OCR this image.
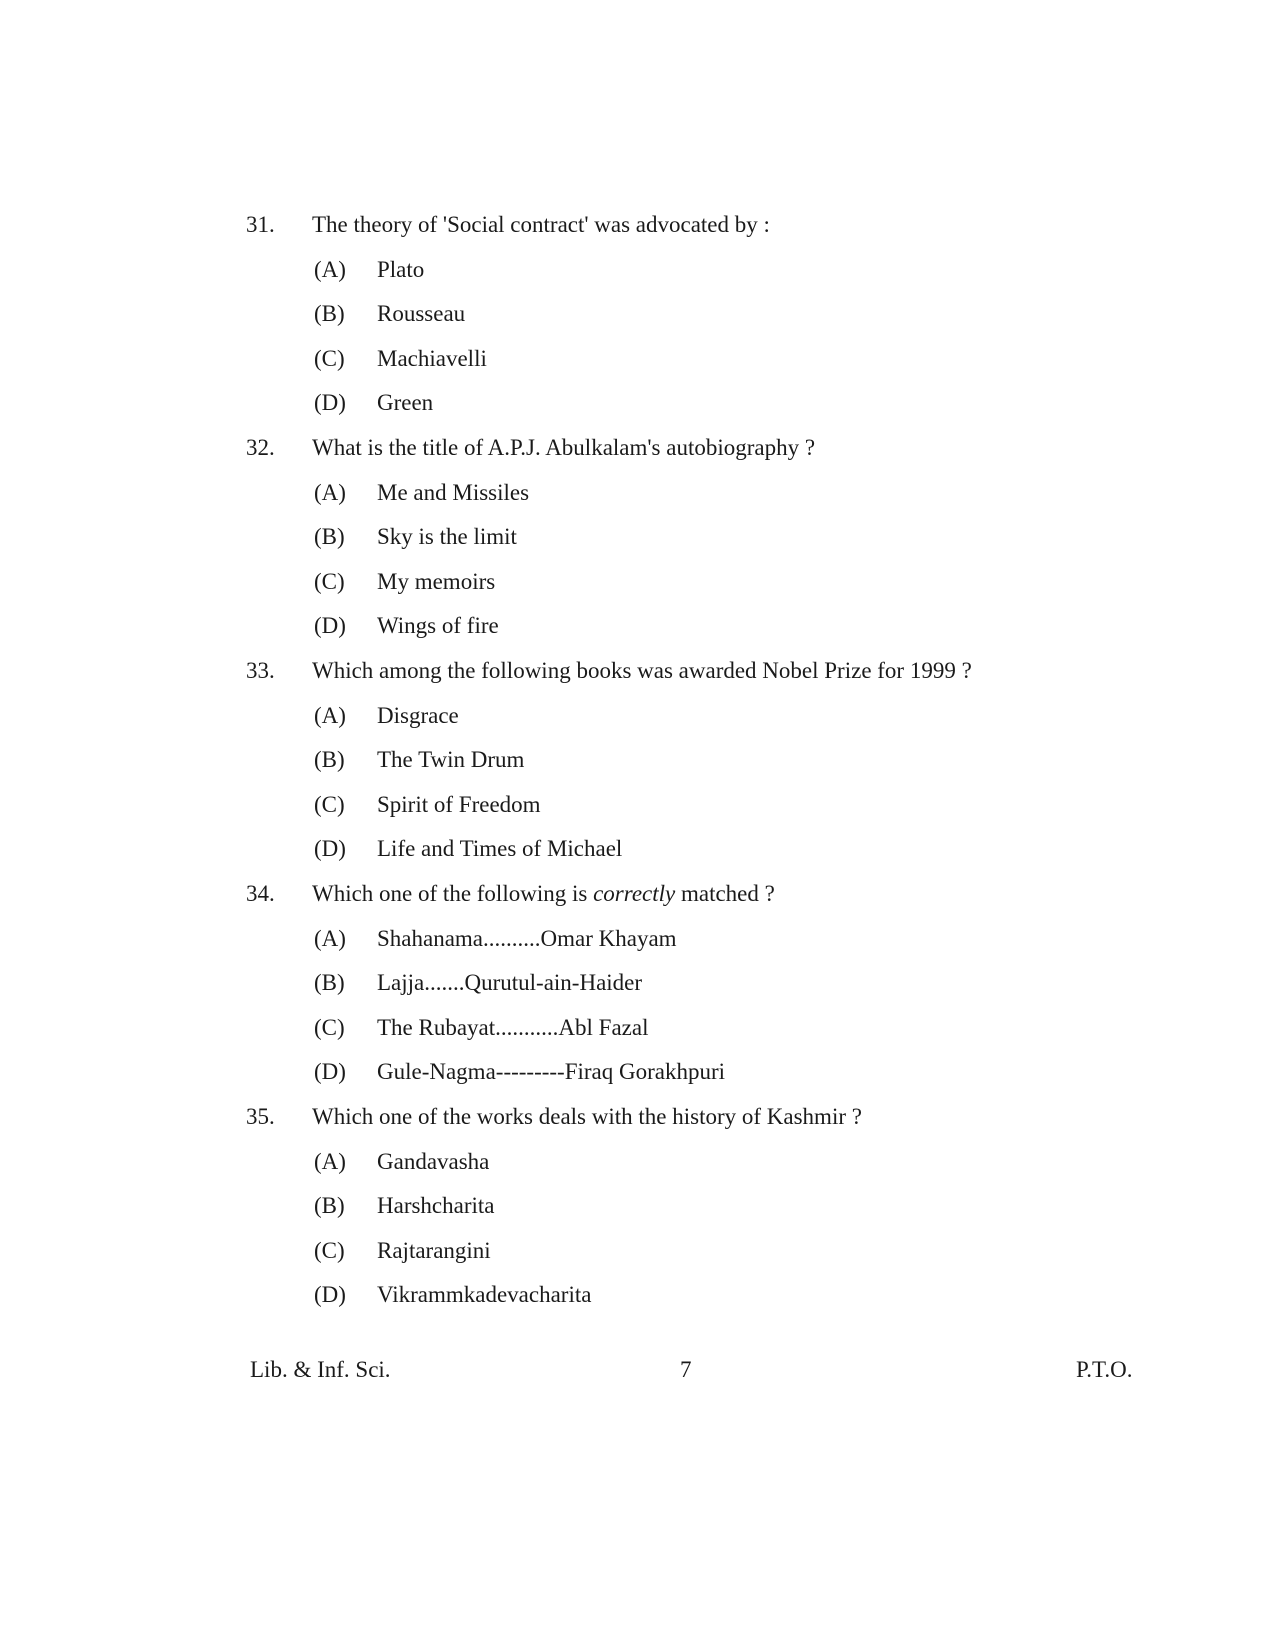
31. The theory of 'Social contract' was advocated by :
(A) Plato
(B) Rousseau
(C) Machiavelli
(D) Green
32. What is the title of A.P.J. Abulkalam's autobiography ?
(A) Me and Missiles
(B) Sky is the limit
(C) My memoirs
(D) Wings of fire
33. Which among the following books was awarded Nobel Prize for 1999 ?
(A) Disgrace
(B) The Twin Drum
(C) Spirit of Freedom
(D) Life and Times of Michael
34. Which one of the following is correctly matched ?
(A) Shahanama..........Omar Khayam
(B) Lajja.......Qurutul-ain-Haider
(C) The Rubayat...........Abl Fazal
(D) Gule-Nagma---------Firaq Gorakhpuri
35. Which one of the works deals with the history of Kashmir ?
(A) Gandavasha
(B) Harshcharita
(C) Rajtarangini
(D) Vikrammkadevacharita
Lib. & Inf. Sci.	7	P.T.O.
